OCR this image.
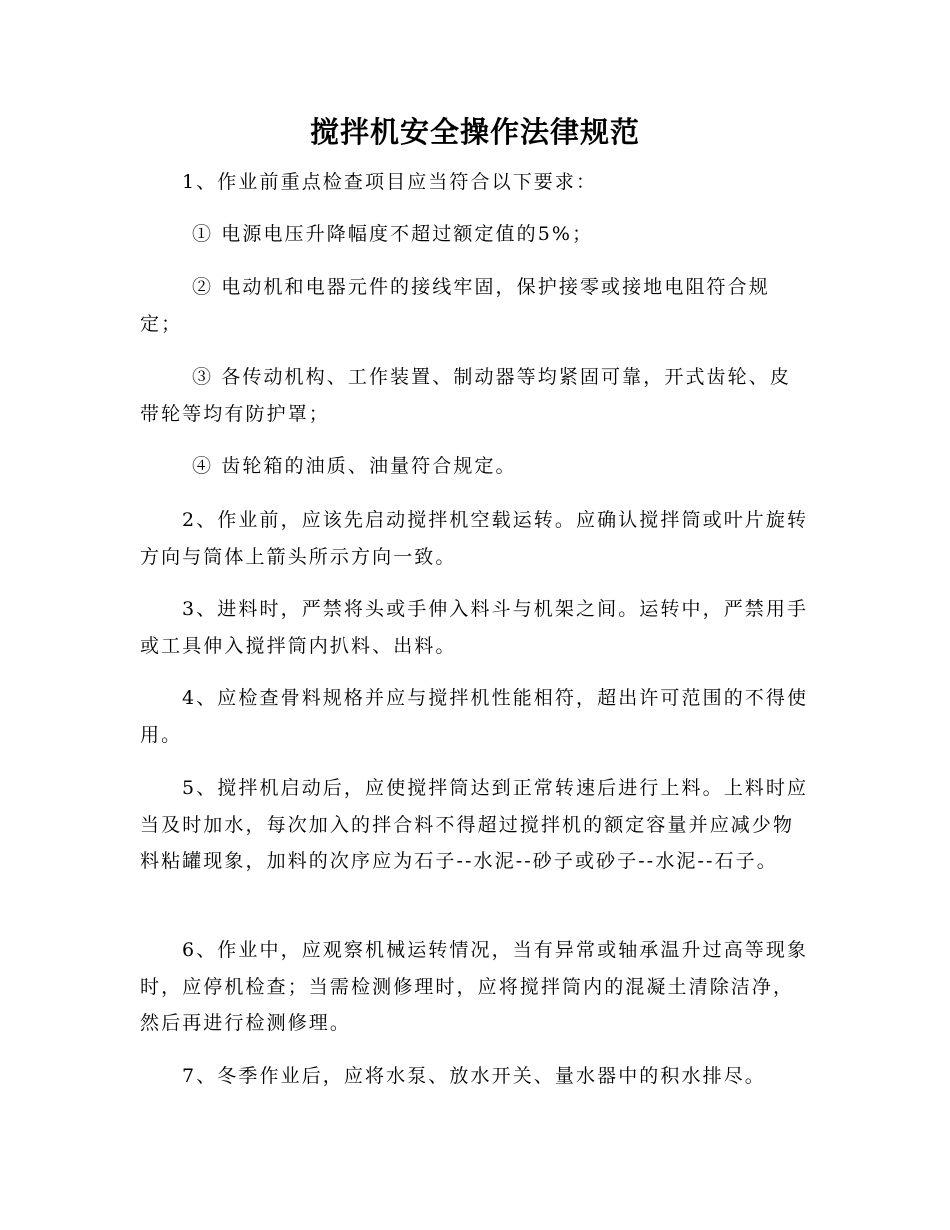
搅拌机安全操作法律规范

1、作业前重点检查项目应当符合以下要求：

① 电源电压升降幅度不超过额定值的5%；

② 电动机和电器元件的接线牢固，保护接零或接地电阻符合规定；

③ 各传动机构、工作装置、制动器等均紧固可靠，开式齿轮、皮带轮等均有防护罩；

④ 齿轮箱的油质、油量符合规定。

2、作业前，应该先启动搅拌机空载运转。应确认搅拌筒或叶片旋转方向与筒体上箭头所示方向一致。

3、进料时，严禁将头或手伸入料斗与机架之间。运转中，严禁用手或工具伸入搅拌筒内扒料、出料。

4、应检查骨料规格并应与搅拌机性能相符，超出许可范围的不得使用。

5、搅拌机启动后，应使搅拌筒达到正常转速后进行上料。上料时应当及时加水，每次加入的拌合料不得超过搅拌机的额定容量并应减少物料粘罐现象，加料的次序应为石子--水泥--砂子或砂子--水泥--石子。

6、作业中，应观察机械运转情况，当有异常或轴承温升过高等现象时，应停机检查；当需检测修理时，应将搅拌筒内的混凝土清除洁净，然后再进行检测修理。

7、冬季作业后，应将水泵、放水开关、量水器中的积水排尽。
